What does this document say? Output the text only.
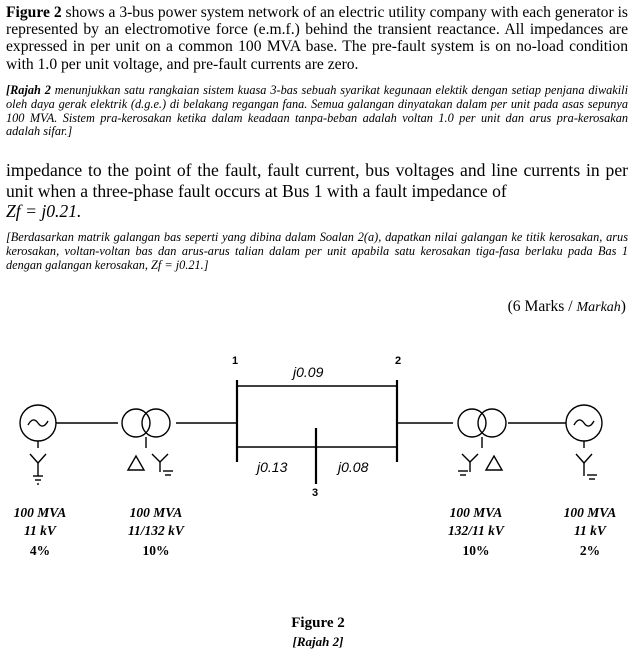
Figure 2 shows a 3-bus power system network of an electric utility company with each generator is represented by an electromotive force (e.m.f.) behind the transient reactance. All impedances are expressed in per unit on a common 100 MVA base. The pre-fault system is on no-load condition with 1.0 per unit voltage, and pre-fault currents are zero.
[Rajah 2 menunjukkan satu rangkaian sistem kuasa 3-bas sebuah syarikat kegunaan elektik dengan setiap penjana diwakili oleh daya gerak elektrik (d.g.e.) di belakang regangan fana. Semua galangan dinyatakan dalam per unit pada asas sepunya 100 MVA. Sistem pra-kerosakan ketika dalam keadaan tanpa-beban adalah voltan 1.0 per unit dan arus pra-kerosakan adalah sifar.]
impedance to the point of the fault, fault current, bus voltages and line currents in per unit when a three-phase fault occurs at Bus 1 with a fault impedance of
Zf = j0.21.
[Berdasarkan matrik galangan bas seperti yang dibina dalam Soalan 2(a), dapatkan nilai galangan ke titik kerosakan, arus kerosakan, voltan-voltan bas dan arus-arus talian dalam per unit apabila satu kerosakan tiga-fasa berlaku pada Bas 1 dengan galangan kerosakan, Zf = j0.21.]
(6 Marks / Markah)
1	2
3
j0.09
j0.13	j0.08
100 MVA
11 kV
4%
100 MVA
11/132 kV
10%
100 MVA
132/11 kV
10%
100 MVA
11 kV
2%
Figure 2
[Rajah 2]
